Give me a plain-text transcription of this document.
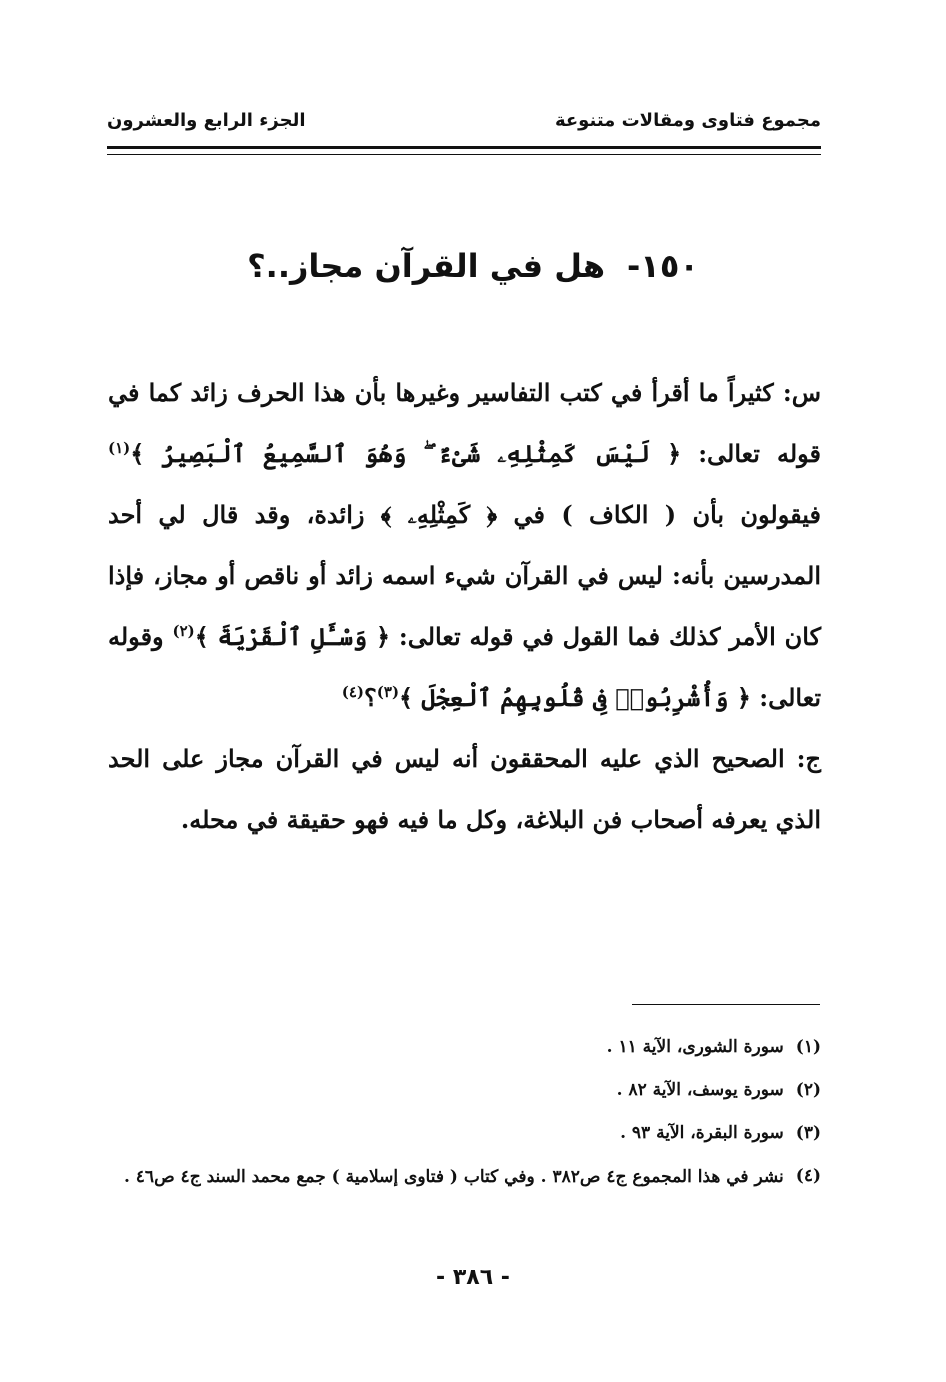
مجموع فتاوى ومقالات متنوعة
الجزء الرابع والعشرون
١٥٠-
هل في القرآن مجاز..؟

س: كثيراً ما أقرأ في كتب التفاسير وغيرها بأن هذا الحرف زائد كما في قوله تعالى: ﴿ لَيْسَ كَمِثْلِهِۦ شَىْءٌ ۖ وَهُوَ ٱلسَّمِيعُ ٱلْبَصِيرُ ﴾$^{(١)}$ فيقولون بأن ( الكاف ) في ﴿ كَمِثْلِهِۦ ﴾ زائدة، وقد قال لي أحد المدرسين بأنه: ليس في القرآن شيء اسمه زائد أو ناقص أو مجاز، فإذا كان الأمر كذلك فما القول في قوله تعالى: ﴿ وَسْـَٔلِ ٱلْقَرْيَةَ ﴾$^{(٢)}$ وقوله تعالى: ﴿ وَأُشْرِبُوا۟ فِى قُلُوبِهِمُ ٱلْعِجْلَ ﴾$^{(٣)}$؟$^{(٤)}$

ج: الصحيح الذي عليه المحققون أنه ليس في القرآن مجاز على الحد الذي يعرفه أصحاب فن البلاغة، وكل ما فيه فهو حقيقة في محله.

(١)
سورة الشورى، الآية ١١ .
(٢)
سورة يوسف، الآية ٨٢ .
(٣)
سورة البقرة، الآية ٩٣ .
(٤)
نشر في هذا المجموع ج٤ ص٣٨٢ . وفي كتاب ( فتاوى إسلامية ) جمع محمد السند ج٤ ص٤٦ .
- ٣٨٦ -
